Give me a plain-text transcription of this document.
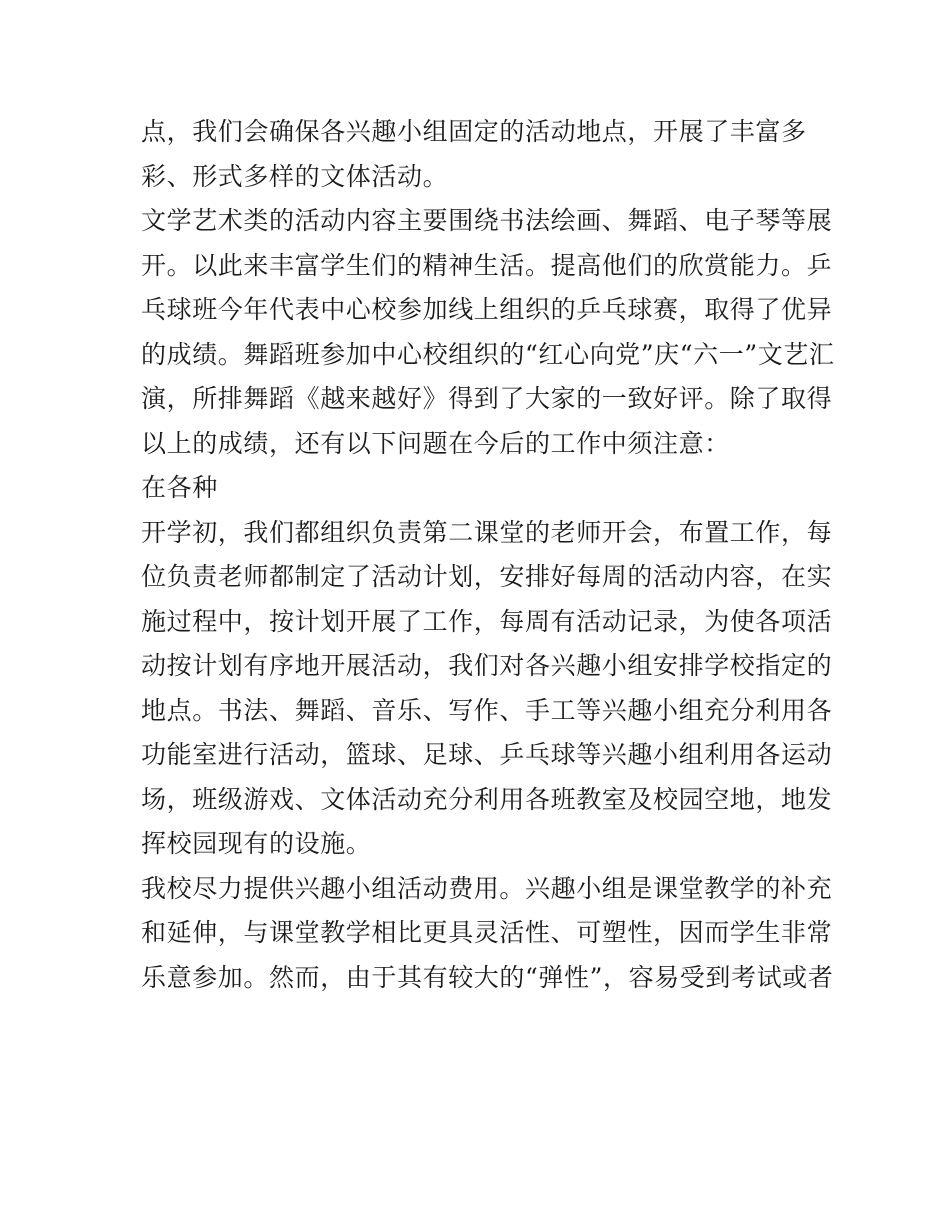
点，我们会确保各兴趣小组固定的活动地点，开展了丰富多
彩、形式多样的文体活动。
文学艺术类的活动内容主要围绕书法绘画、舞蹈、电子琴等展
开。以此来丰富学生们的精神生活。提高他们的欣赏能力。乒
乓球班今年代表中心校参加线上组织的乒乓球赛，取得了优异
的成绩。舞蹈班参加中心校组织的“红心向党”庆“六一”文艺汇
演，所排舞蹈《越来越好》得到了大家的一致好评。除了取得
以上的成绩，还有以下问题在今后的工作中须注意：
在各种
开学初，我们都组织负责第二课堂的老师开会，布置工作，每
位负责老师都制定了活动计划，安排好每周的活动内容，在实
施过程中，按计划开展了工作，每周有活动记录，为使各项活
动按计划有序地开展活动，我们对各兴趣小组安排学校指定的
地点。书法、舞蹈、音乐、写作、手工等兴趣小组充分利用各
功能室进行活动，篮球、足球、乒乓球等兴趣小组利用各运动
场，班级游戏、文体活动充分利用各班教室及校园空地，地发
挥校园现有的设施。
我校尽力提供兴趣小组活动费用。兴趣小组是课堂教学的补充
和延伸，与课堂教学相比更具灵活性、可塑性，因而学生非常
乐意参加。然而，由于其有较大的“弹性”，容易受到考试或者
